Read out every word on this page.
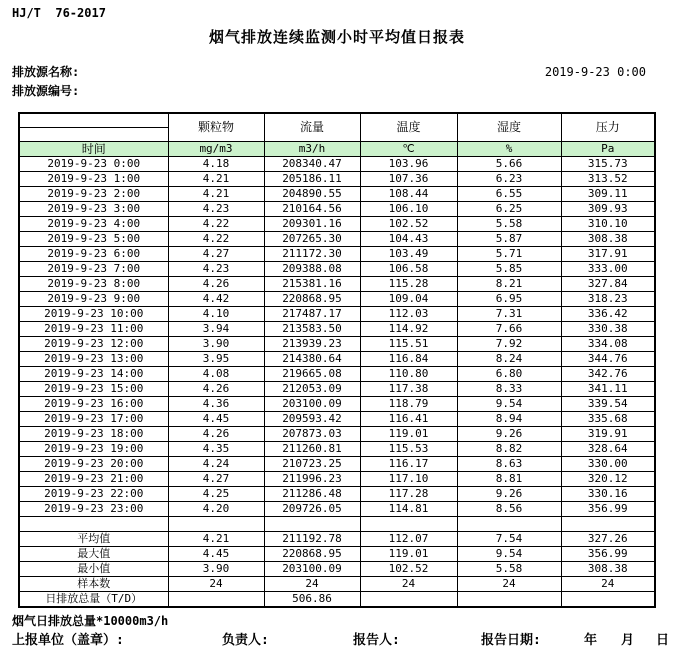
HJ/T  76-2017
烟气排放连续监测小时平均值日报表
排放源名称:
排放源编号:
2019-9-23 0:00
	颗粒物	流量	温度	湿度	压力

时间	mg/m3	m3/h	℃	%	Pa
2019-9-23 0:00	4.18	208340.47	103.96	5.66	315.73
2019-9-23 1:00	4.21	205186.11	107.36	6.23	313.52
2019-9-23 2:00	4.21	204890.55	108.44	6.55	309.11
2019-9-23 3:00	4.23	210164.56	106.10	6.25	309.93
2019-9-23 4:00	4.22	209301.16	102.52	5.58	310.10
2019-9-23 5:00	4.22	207265.30	104.43	5.87	308.38
2019-9-23 6:00	4.27	211172.30	103.49	5.71	317.91
2019-9-23 7:00	4.23	209388.08	106.58	5.85	333.00
2019-9-23 8:00	4.26	215381.16	115.28	8.21	327.84
2019-9-23 9:00	4.42	220868.95	109.04	6.95	318.23
2019-9-23 10:00	4.10	217487.17	112.03	7.31	336.42
2019-9-23 11:00	3.94	213583.50	114.92	7.66	330.38
2019-9-23 12:00	3.90	213939.23	115.51	7.92	334.08
2019-9-23 13:00	3.95	214380.64	116.84	8.24	344.76
2019-9-23 14:00	4.08	219665.08	110.80	6.80	342.76
2019-9-23 15:00	4.26	212053.09	117.38	8.33	341.11
2019-9-23 16:00	4.36	203100.09	118.79	9.54	339.54
2019-9-23 17:00	4.45	209593.42	116.41	8.94	335.68
2019-9-23 18:00	4.26	207873.03	119.01	9.26	319.91
2019-9-23 19:00	4.35	211260.81	115.53	8.82	328.64
2019-9-23 20:00	4.24	210723.25	116.17	8.63	330.00
2019-9-23 21:00	4.27	211996.23	117.10	8.81	320.12
2019-9-23 22:00	4.25	211286.48	117.28	9.26	330.16
2019-9-23 23:00	4.20	209726.05	114.81	8.56	356.99

平均值	4.21	211192.78	112.07	7.54	327.26
最大值	4.45	220868.95	119.01	9.54	356.99
最小值	3.90	203100.09	102.52	5.58	308.38
样本数	24	24	24	24	24
日排放总量（T/D）		506.86			
烟气日排放总量*10000m3/h
上报单位（盖章）:	负责人:	报告人:	报告日期:	年 月 日
